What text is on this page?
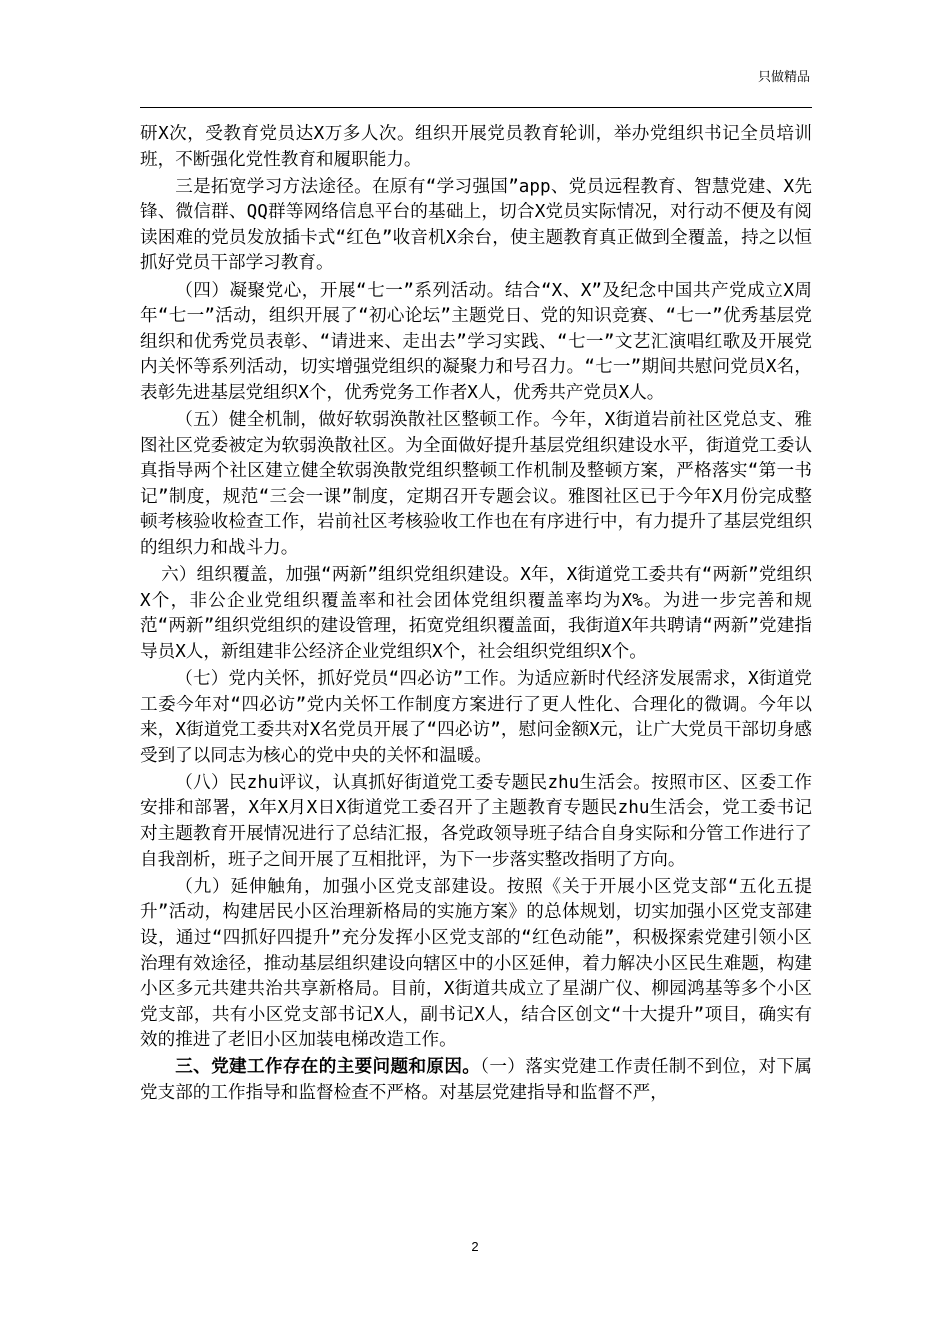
只做精品

研X次，受教育党员达X万多人次。组织开展党员教育轮训，举办党组织书记全员培训班，不断强化党性教育和履职能力。

三是拓宽学习方法途径。在原有“学习强国”app、党员远程教育、智慧党建、X先锋、微信群、QQ群等网络信息平台的基础上，切合X党员实际情况，对行动不便及有阅读困难的党员发放插卡式“红色”收音机X余台，使主题教育真正做到全覆盖，持之以恒抓好党员干部学习教育。

（四）凝聚党心，开展“七一”系列活动。结合“X、X”及纪念中国共产党成立X周年“七一”活动，组织开展了“初心论坛”主题党日、党的知识竞赛、“七一”优秀基层党组织和优秀党员表彰、“请进来、走出去”学习实践、“七一”文艺汇演唱红歌及开展党内关怀等系列活动，切实增强党组织的凝聚力和号召力。“七一”期间共慰问党员X名，表彰先进基层党组织X个，优秀党务工作者X人，优秀共产党员X人。

（五）健全机制，做好软弱涣散社区整顿工作。今年，X街道岩前社区党总支、雅图社区党委被定为软弱涣散社区。为全面做好提升基层党组织建设水平，街道党工委认真指导两个社区建立健全软弱涣散党组织整顿工作机制及整顿方案，严格落实“第一书记”制度，规范“三会一课”制度，定期召开专题会议。雅图社区已于今年X月份完成整顿考核验收检查工作，岩前社区考核验收工作也在有序进行中，有力提升了基层党组织的组织力和战斗力。

六）组织覆盖，加强“两新”组织党组织建设。X年，X街道党工委共有“两新”党组织X个，非公企业党组织覆盖率和社会团体党组织覆盖率均为X%。为进一步完善和规范“两新”组织党组织的建设管理，拓宽党组织覆盖面，我街道X年共聘请“两新”党建指导员X人，新组建非公经济企业党组织X个，社会组织党组织X个。

（七）党内关怀，抓好党员“四必访”工作。为适应新时代经济发展需求，X街道党工委今年对“四必访”党内关怀工作制度方案进行了更人性化、合理化的微调。今年以来，X街道党工委共对X名党员开展了“四必访”，慰问金额X元，让广大党员干部切身感受到了以同志为核心的党中央的关怀和温暖。

（八）民zhu评议，认真抓好街道党工委专题民zhu生活会。按照市区、区委工作安排和部署，X年X月X日X街道党工委召开了主题教育专题民zhu生活会，党工委书记对主题教育开展情况进行了总结汇报，各党政领导班子结合自身实际和分管工作进行了自我剖析，班子之间开展了互相批评，为下一步落实整改指明了方向。

（九）延伸触角，加强小区党支部建设。按照《关于开展小区党支部“五化五提升”活动，构建居民小区治理新格局的实施方案》的总体规划，切实加强小区党支部建设，通过“四抓好四提升”充分发挥小区党支部的“红色动能”，积极探索党建引领小区治理有效途径，推动基层组织建设向辖区中的小区延伸，着力解决小区民生难题，构建小区多元共建共治共享新格局。目前，X街道共成立了星湖广仪、柳园鸿基等多个小区党支部，共有小区党支部书记X人，副书记X人，结合区创文“十大提升”项目，确实有效的推进了老旧小区加装电梯改造工作。

三、党建工作存在的主要问题和原因。（一）落实党建工作责任制不到位，对下属党支部的工作指导和监督检查不严格。对基层党建指导和监督不严，

2
